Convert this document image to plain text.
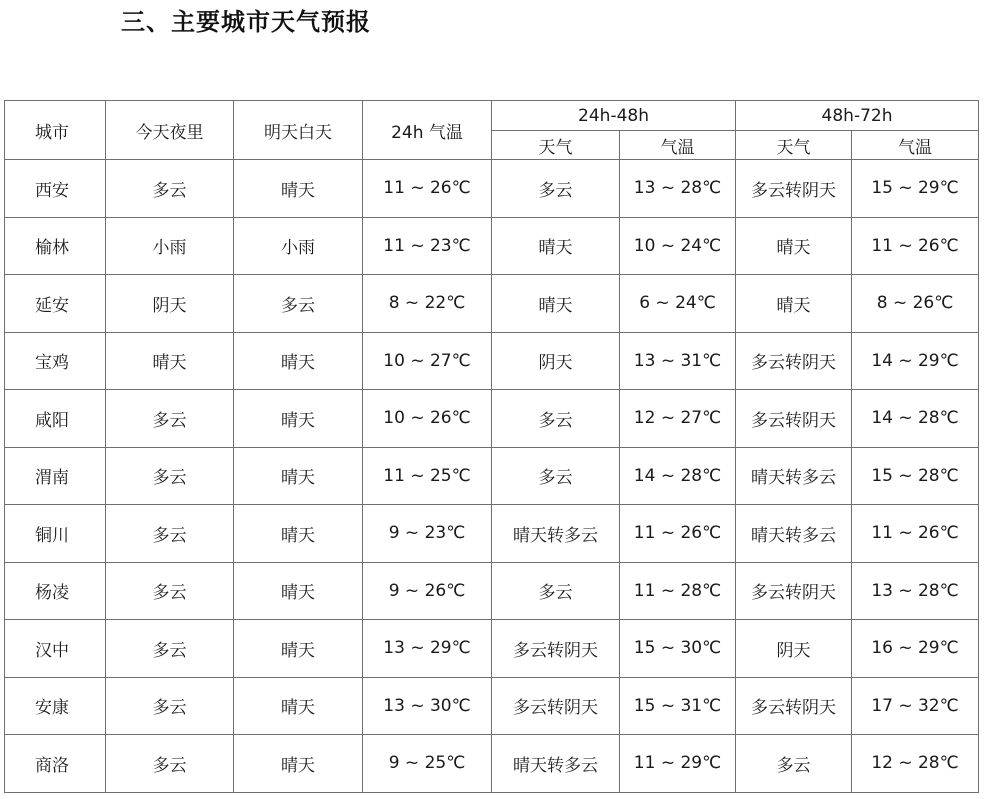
三、主要城市天气预报
城市	今天夜里	明天白天	24h 气温	24h-48h		48h-72h	
				天气	气温	天气	气温
西安	多云	晴天	11 ~ 26℃	多云	13 ~ 28℃	多云转阴天	15 ~ 29℃
榆林	小雨	小雨	11 ~ 23℃	晴天	10 ~ 24℃	晴天	11 ~ 26℃
延安	阴天	多云	8 ~ 22℃	晴天	6 ~ 24℃	晴天	8 ~ 26℃
宝鸡	晴天	晴天	10 ~ 27℃	阴天	13 ~ 31℃	多云转阴天	14 ~ 29℃
咸阳	多云	晴天	10 ~ 26℃	多云	12 ~ 27℃	多云转阴天	14 ~ 28℃
渭南	多云	晴天	11 ~ 25℃	多云	14 ~ 28℃	晴天转多云	15 ~ 28℃
铜川	多云	晴天	9 ~ 23℃	晴天转多云	11 ~ 26℃	晴天转多云	11 ~ 26℃
杨凌	多云	晴天	9 ~ 26℃	多云	11 ~ 28℃	多云转阴天	13 ~ 28℃
汉中	多云	晴天	13 ~ 29℃	多云转阴天	15 ~ 30℃	阴天	16 ~ 29℃
安康	多云	晴天	13 ~ 30℃	多云转阴天	15 ~ 31℃	多云转阴天	17 ~ 32℃
商洛	多云	晴天	9 ~ 25℃	晴天转多云	11 ~ 29℃	多云	12 ~ 28℃
